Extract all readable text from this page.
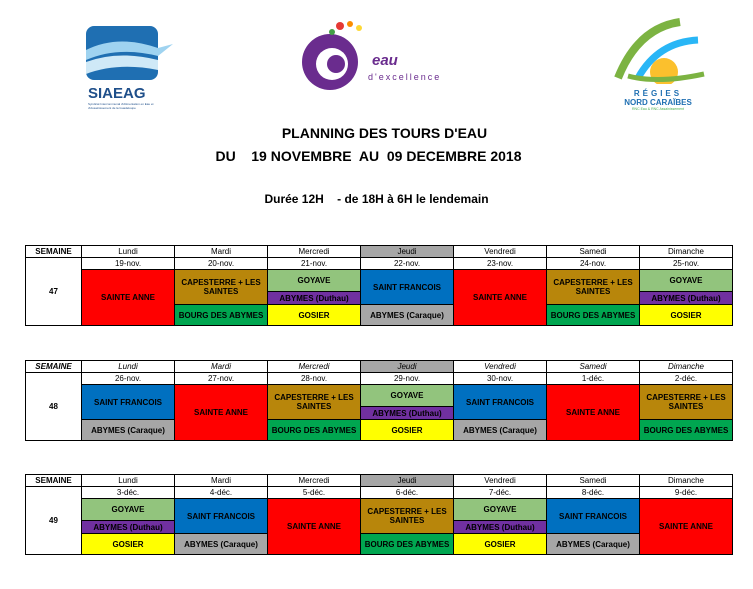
SIAEAG
Syndicat Intercommunal d'Alimentation en Eau et d'Assainissement de la Guadeloupe
eau
d'excellence
RÉGIES
NORD CARAÏBES
RNC Eau & RNC Assainissement
PLANNING DES TOURS D'EAU
DU    19 NOVEMBRE  AU  09 DECEMBRE 2018
Durée 12H    - de 18H à 6H le lendemain
SEMAINE	Lundi	Mardi	Mercredi	Jeudi	Vendredi	Samedi	Dimanche
47	19-nov.	20-nov.	21-nov.	22-nov.	23-nov.	24-nov.	25-nov.
	SAINTE ANNE	CAPESTERRE + LES SAINTES	GOYAVE	SAINT FRANCOIS	SAINTE ANNE	CAPESTERRE + LES SAINTES	GOYAVE
			ABYMES (Duthau)				ABYMES (Duthau)
		BOURG DES ABYMES	GOSIER	ABYMES (Caraque)		BOURG DES ABYMES	GOSIER
SEMAINE	Lundi	Mardi	Mercredi	Jeudi	Vendredi	Samedi	Dimanche
48	26-nov.	27-nov.	28-nov.	29-nov.	30-nov.	1-déc.	2-déc.
	SAINT FRANCOIS	SAINTE ANNE	CAPESTERRE + LES SAINTES	GOYAVE	SAINT FRANCOIS	SAINTE ANNE	CAPESTERRE + LES SAINTES
				ABYMES (Duthau)			
	ABYMES (Caraque)		BOURG DES ABYMES	GOSIER	ABYMES (Caraque)		BOURG DES ABYMES
SEMAINE	Lundi	Mardi	Mercredi	Jeudi	Vendredi	Samedi	Dimanche
49	3-déc.	4-déc.	5-déc.	6-déc.	7-déc.	8-déc.	9-déc.
	GOYAVE	SAINT FRANCOIS	SAINTE ANNE	CAPESTERRE + LES SAINTES	GOYAVE	SAINT FRANCOIS	SAINTE ANNE
	ABYMES (Duthau)				ABYMES (Duthau)		
	GOSIER	ABYMES (Caraque)		BOURG DES ABYMES	GOSIER	ABYMES (Caraque)	
